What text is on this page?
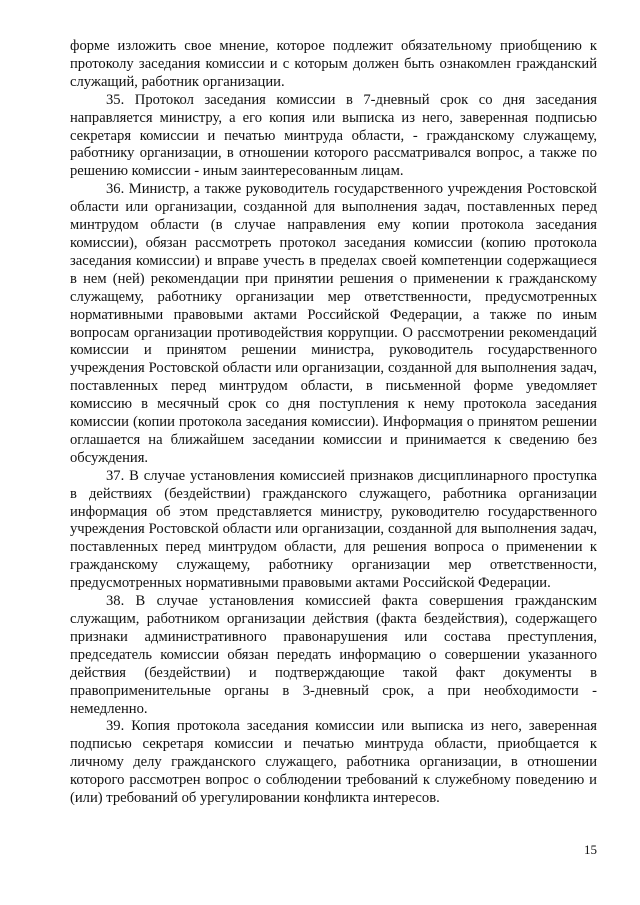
форме изложить свое мнение, которое подлежит обязательному приобщению к протоколу заседания комиссии и с которым должен быть ознакомлен гражданский служащий, работник организации.

35. Протокол заседания комиссии в 7-дневный срок со дня заседания направляется министру, а его копия или выписка из него, заверенная подписью секретаря комиссии и печатью минтруда области, - гражданскому служащему, работнику организации, в отношении которого рассматривался вопрос, а также по решению комиссии - иным заинтересованным лицам.

36. Министр, а также руководитель государственного учреждения Ростовской области или организации, созданной для выполнения задач, поставленных перед минтрудом области (в случае направления ему копии протокола заседания комиссии), обязан рассмотреть протокол заседания комиссии (копию протокола заседания комиссии) и вправе учесть в пределах своей компетенции содержащиеся в нем (ней) рекомендации при принятии решения о применении к гражданскому служащему, работнику организации мер ответственности, предусмотренных нормативными правовыми актами Российской Федерации, а также по иным вопросам организации противодействия коррупции. О рассмотрении рекомендаций комиссии и принятом решении министра, руководитель государственного учреждения Ростовской области или организации, созданной для выполнения задач, поставленных перед минтрудом области, в письменной форме уведомляет комиссию в месячный срок со дня поступления к нему протокола заседания комиссии (копии протокола заседания комиссии). Информация о принятом решении оглашается на ближайшем заседании комиссии и принимается к сведению без обсуждения.

37. В случае установления комиссией признаков дисциплинарного проступка в действиях (бездействии) гражданского служащего, работника организации информация об этом представляется министру, руководителю государственного учреждения Ростовской области или организации, созданной для выполнения задач, поставленных перед минтрудом области, для решения вопроса о применении к гражданскому служащему, работнику организации мер ответственности, предусмотренных нормативными правовыми актами Российской Федерации.

38. В случае установления комиссией факта совершения гражданским служащим, работником организации действия (факта бездействия), содержащего признаки административного правонарушения или состава преступления, председатель комиссии обязан передать информацию о совершении указанного действия (бездействии) и подтверждающие такой факт документы в правоприменительные органы в 3-дневный срок, а при необходимости - немедленно.

39. Копия протокола заседания комиссии или выписка из него, заверенная подписью секретаря комиссии и печатью минтруда области, приобщается к личному делу гражданского служащего, работника организации, в отношении которого рассмотрен вопрос о соблюдении требований к служебному поведению и (или) требований об урегулировании конфликта интересов.

15
